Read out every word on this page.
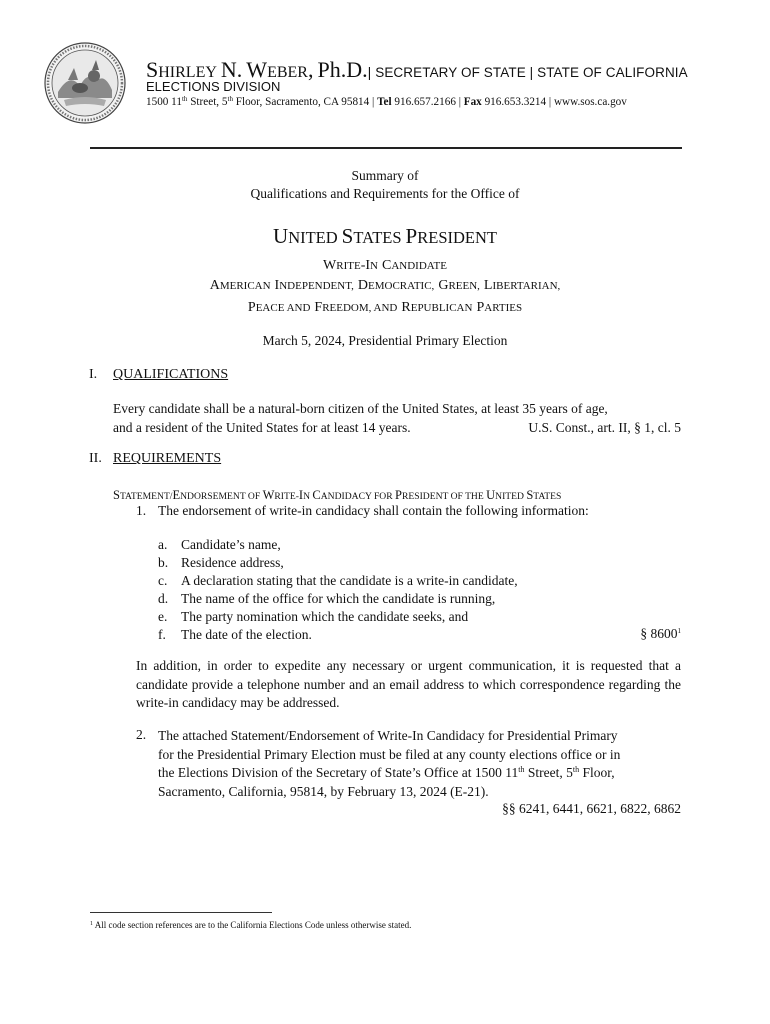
SHIRLEY N. WEBER, Ph.D.| SECRETARY OF STATE | STATE OF CALIFORNIA
ELECTIONS DIVISION
1500 11th Street, 5th Floor, Sacramento, CA 95814 | Tel 916.657.2166 | Fax 916.653.3214 | www.sos.ca.gov
Summary of
Qualifications and Requirements for the Office of
UNITED STATES PRESIDENT
WRITE-IN CANDIDATE
AMERICAN INDEPENDENT, DEMOCRATIC, GREEN, LIBERTARIAN,
PEACE AND FREEDOM, AND REPUBLICAN PARTIES
March 5, 2024, Presidential Primary Election
I. QUALIFICATIONS
Every candidate shall be a natural-born citizen of the United States, at least 35 years of age,
and a resident of the United States for at least 14 years.	U.S. Const., art. II, § 1, cl. 5
II. REQUIREMENTS
STATEMENT/ENDORSEMENT OF WRITE-IN CANDIDACY FOR PRESIDENT OF THE UNITED STATES
1. The endorsement of write-in candidacy shall contain the following information:
a. Candidate’s name,
b. Residence address,
c. A declaration stating that the candidate is a write-in candidate,
d. The name of the office for which the candidate is running,
e. The party nomination which the candidate seeks, and
f. The date of the election.	§ 8600$^1$
In addition, in order to expedite any necessary or urgent communication, it is requested that a candidate provide a telephone number and an email address to which correspondence regarding the write-in candidacy may be addressed.
2. The attached Statement/Endorsement of Write-In Candidacy for Presidential Primary
for the Presidential Primary Election must be filed at any county elections office or in
the Elections Division of the Secretary of State’s Office at 1500 11th Street, 5th Floor,
Sacramento, California, 95814, by February 13, 2024 (E-21).
§§ 6241, 6441, 6621, 6822, 6862
$^1$ All code section references are to the California Elections Code unless otherwise stated.
